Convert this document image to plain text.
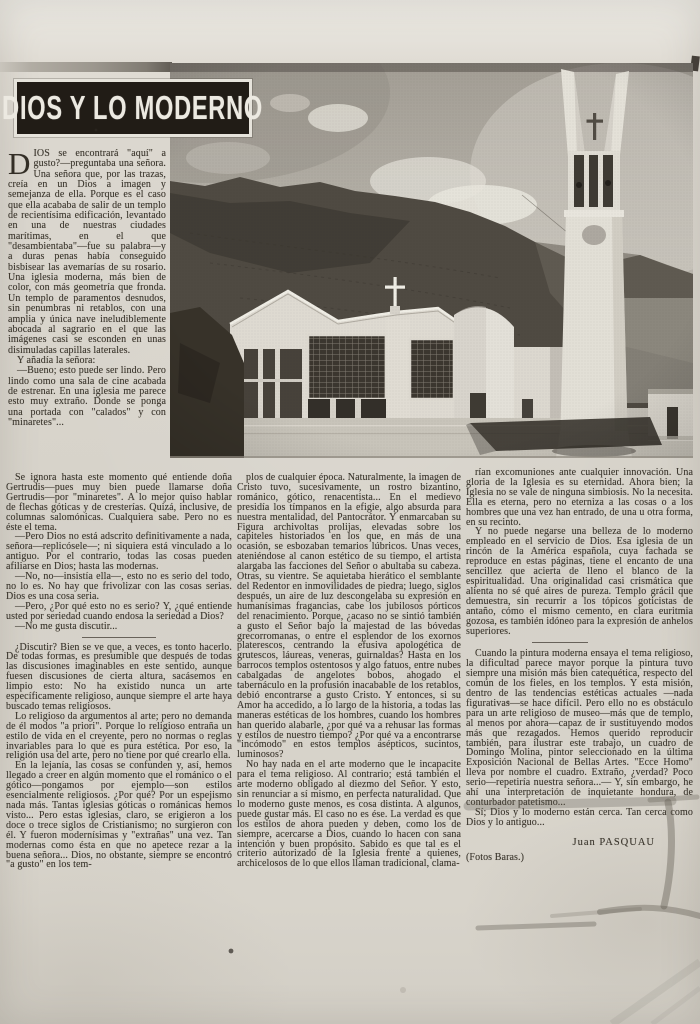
DIOS Y LO MODERNO

DIOS se encontrará "aquí" a gusto?—preguntaba una señora. Una señora que, por las trazas, creía en un Dios a imagen y semejanza de ella. Porque es el caso que ella acababa de salir de un templo de recientísima edificación, levantado en una de nuestras ciudades marítimas, en el que "desambientaba"—fue su palabra—y a duras penas había conseguido bisbisear las avemarías de su rosario. Una iglesia moderna, más bien de color, con más geometría que fronda. Un templo de paramentos desnudos, sin penumbras ni retablos, con una amplia y única nave ineludiblemente abocada al sagrario en el que las imágenes casi se esconden en unas disimuladas capillas laterales.

Y añadía la señora:

—Bueno; esto puede ser lindo. Pero lindo como una sala de cine acabada de estrenar. En una iglesia me parece esto muy extraño. Donde se ponga una portada con "calados" y con "minaretes"...

Se ignora hasta este momento qué entiende doña Gertrudis—pues muy bien puede llamarse doña Gertrudis—por "minaretes". A lo mejor quiso hablar de flechas góticas y de cresterías. Quizá, inclusive, de columnas salomónicas. Cualquiera sabe. Pero no es éste el tema.

—Pero Dios no está adscrito definitivamente a nada, señora—replicósele—; ni siquiera está vinculado a lo antiguo. Por el contrario, todas las cosas pueden afiliarse en Dios; hasta las modernas.

—No, no—insistía ella—, esto no es serio del todo, no lo es. No hay que frivolizar con las cosas serias. Dios es una cosa seria.

—Pero, ¿Por qué esto no es serio? Y, ¿qué entiende usted por seriedad cuando endosa la seriedad a Dios?

—No me gusta discutir...

¿Discutir? Bien se ve que, a veces, es tonto hacerlo. De todas formas, es presumible que después de todas las discusiones imaginables en este sentido, aunque fuesen discusiones de cierta altura, sacásemos en limpio esto: No ha existido nunca un arte específicamente religioso, aunque siempre el arte haya buscado temas religiosos.

Lo religioso da argumentos al arte; pero no demanda de él modos "a priori". Porque lo religioso entraña un estilo de vida en el creyente, pero no normas o reglas invariables para lo que es pura estética. Por eso, la religión usa del arte, pero no tiene por qué crearlo ella.

En la lejanía, las cosas se confunden y, así, hemos llegado a creer en algún momento que el románico o el gótico—pongamos por ejemplo—son estilos esencialmente religiosos. ¿Por qué? Por un espejismo nada más. Tantas iglesias góticas o románicas hemos visto... Pero estas iglesias, claro, se erigieron a los doce o trece siglos de Cristianismo; no surgieron con él. Y fueron modernísimas y "extrañas" una vez. Tan modernas como ésta en que no apetece rezar a la buena señora... Dios, no obstante, siempre se encontró "a gusto" en los tem-

plos de cualquier época. Naturalmente, la imagen de Cristo tuvo, sucesivamente, un rostro bizantino, románico, gótico, renacentista... En el medievo presidía los tímpanos en la efigie, algo absurda para nuestra mentalidad, del Pantocrátor. Y enmarcaban su Figura archivoltas prolijas, elevadas sobre los capiteles historiados en los que, en más de una ocasión, se esbozaban temarios lúbricos. Unas veces, ateniéndose al canon estético de su tiempo, el artista alargaba las facciones del Señor o abultaba su cabeza. Otras, su vientre. Se aquietaba hierático el semblante del Redentor en inmovilidades de piedra; luego, siglos después, un aire de luz descongelaba su expresión en humanísimas fragancias, cabe los jubilosos pórticos del renacimiento. Porque, ¿acaso no se sintió también a gusto el Señor bajo la majestad de las bóvedas grecorromanas, o entre el esplendor de los exornos platerescos, centrando la efusiva apologética de grutescos, láureas, veneras, guirnaldas? Hasta en los barrocos templos ostentosos y algo fatuos, entre nubes cabalgadas de angelotes bobos, ahogado el tabernáculo en la profusión inacabable de los retablos, debió encontrarse a gusto Cristo. Y entonces, si su Amor ha accedido, a lo largo de la historia, a todas las maneras estéticas de los hombres, cuando los hombres han querido alabarle, ¿por qué va a rehusar las formas y estilos de nuestro tiempo? ¿Por qué va a encontrarse "incómodo" en estos templos asépticos, sucintos, luminosos?

No hay nada en el arte moderno que le incapacite para el tema religioso. Al contrario; está también el arte moderno obligado al diezmo del Señor. Y esto, sin renunciar a sí mismo, en perfecta naturalidad. Que lo moderno guste menos, es cosa distinta. A algunos, puede gustar más. El caso no es ése. La verdad es que los estilos de ahora pueden y deben, como los de siempre, acercarse a Dios, cuando lo hacen con sana intención y buen propósito. Sabido es que tal es el criterio autorizado de la Iglesia frente a quienes, archicelosos de lo que ellos llaman tradicional, clama-

rían excomuniones ante cualquier innovación. Una gloria de la Iglesia es su eternidad. Ahora bien; la Iglesia no se vale de ninguna simbiosis. No la necesita. Ella es eterna, pero no eterniza a las cosas o a los hombres que una vez han entrado, de una u otra forma, en su recinto.

Y no puede negarse una belleza de lo moderno empleado en el servicio de Dios. Esa iglesia de un rincón de la América española, cuya fachada se reproduce en estas páginas, tiene el encanto de una sencillez que acierta de lleno el blanco de la espiritualidad. Una originalidad casi crismática que alienta no sé qué aires de pureza. Templo grácil que demuestra, sin recurrir a los tópicos goticistas de antaño, cómo el mismo cemento, en clara euritmia gozosa, es también idóneo para la expresión de anhelos superiores.

Cuando la pintura moderna ensaya el tema religioso, la dificultad parece mayor porque la pintura tuvo siempre una misión más bien catequética, respecto del común de los fieles, en los templos. Y esta misión, dentro de las tendencias estéticas actuales —nada figurativas—se hace difícil. Pero ello no es obstáculo para un arte religioso de museo—más que de templo, al menos por ahora—capaz de ir sustituyendo modos más que rezagados. Hemos querido reproducir también, para ilustrar este trabajo, un cuadro de Domingo Molina, pintor seleccionado en la última Exposición Nacional de Bellas Artes. "Ecce Homo" lleva por nombre el cuadro. Extraño, ¿verdad? Poco serio—repetiría nuestra señora...— Y, sin embargo, he ahí una interpretación de inquietante hondura, de conturbador patetismo...

Sí; Dios y lo moderno están cerca. Tan cerca como Dios y lo antiguo...

Juan PASQUAU
(Fotos Baras.)
